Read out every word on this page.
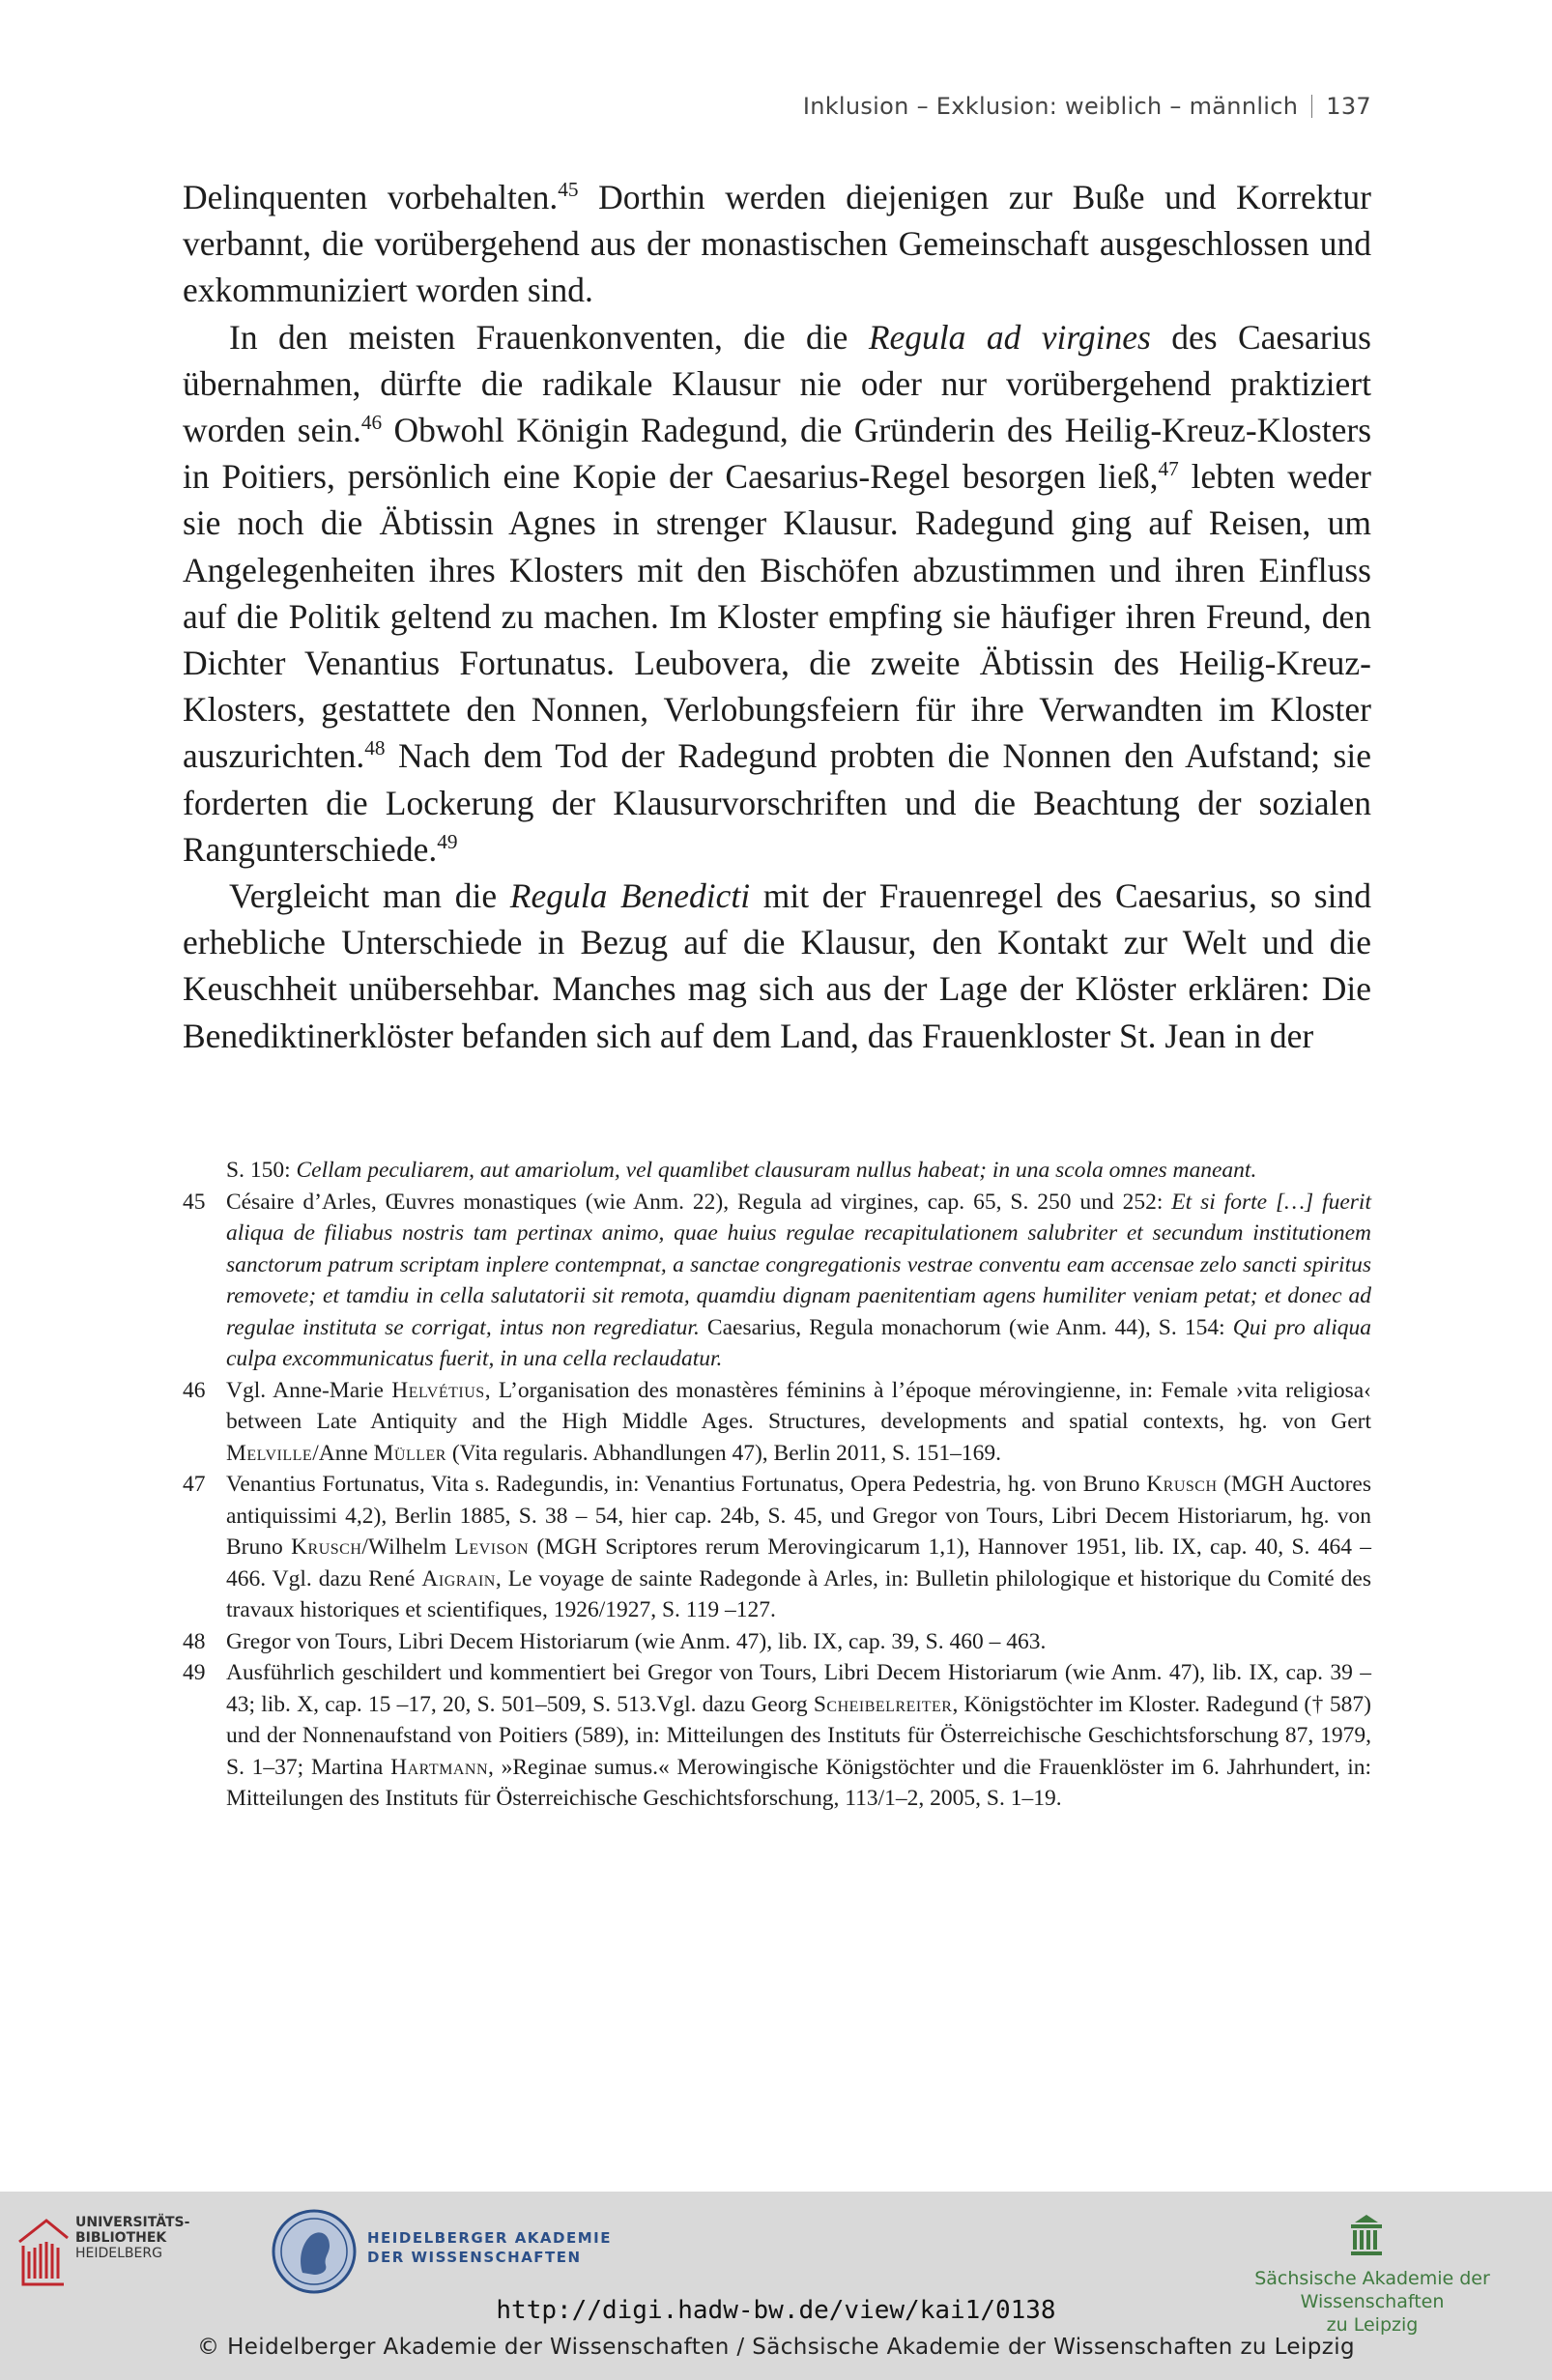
Inklusion – Exklusion: weiblich – männlich 137

Delinquenten vorbehalten.$^{45}$ Dorthin werden diejenigen zur Buße und Korrektur verbannt, die vorübergehend aus der monastischen Gemeinschaft ausgeschlossen und exkommuniziert worden sind.

In den meisten Frauenkonventen, die die Regula ad virgines des Caesarius übernahmen, dürfte die radikale Klausur nie oder nur vorübergehend praktiziert worden sein.$^{46}$ Obwohl Königin Radegund, die Gründerin des Heilig-Kreuz-Klosters in Poitiers, persönlich eine Kopie der Caesarius-Regel besorgen ließ,$^{47}$ lebten weder sie noch die Äbtissin Agnes in strenger Klausur. Radegund ging auf Reisen, um Angelegenheiten ihres Klosters mit den Bischöfen abzustimmen und ihren Einfluss auf die Politik geltend zu machen. Im Kloster empfing sie häufiger ihren Freund, den Dichter Venantius Fortunatus. Leubovera, die zweite Äbtissin des Heilig-Kreuz-Klosters, gestattete den Nonnen, Verlobungsfeiern für ihre Verwandten im Kloster auszurichten.$^{48}$ Nach dem Tod der Radegund probten die Nonnen den Aufstand; sie forderten die Lockerung der Klausurvorschriften und die Beachtung der sozialen Rangunterschiede.$^{49}$

Vergleicht man die Regula Benedicti mit der Frauenregel des Caesarius, so sind erhebliche Unterschiede in Bezug auf die Klausur, den Kontakt zur Welt und die Keuschheit unübersehbar. Manches mag sich aus der Lage der Klöster erklären: Die Benediktinerklöster befanden sich auf dem Land, das Frauenkloster St. Jean in der

S. 150: Cellam peculiarem, aut amariolum, vel quamlibet clausuram nullus habeat; in una scola omnes maneant.
45 Césaire d’Arles, Œuvres monastiques (wie Anm. 22), Regula ad virgines, cap. 65, S. 250 und 252: Et si forte […] fuerit aliqua de filiabus nostris tam pertinax animo, quae huius regulae recapitulationem salubriter et secundum institutionem sanctorum patrum scriptam inplere contempnat, a sanctae congregationis vestrae conventu eam accensae zelo sancti spiritus removete; et tamdiu in cella salutatorii sit remota, quamdiu dignam paenitentiam agens humiliter veniam petat; et donec ad regulae instituta se corrigat, intus non regrediatur. Caesarius, Regula monachorum (wie Anm. 44), S. 154: Qui pro aliqua culpa excommunicatus fuerit, in una cella reclaudatur.
46 Vgl. Anne-Marie Helvétius, L’organisation des monastères féminins à l’époque mérovingienne, in: Female ›vita religiosa‹ between Late Antiquity and the High Middle Ages. Structures, developments and spatial contexts, hg. von Gert Melville/Anne Müller (Vita regularis. Abhandlungen 47), Berlin 2011, S. 151–169.
47 Venantius Fortunatus, Vita s. Radegundis, in: Venantius Fortunatus, Opera Pedestria, hg. von Bruno Krusch (MGH Auctores antiquissimi 4,2), Berlin 1885, S. 38 – 54, hier cap. 24b, S. 45, und Gregor von Tours, Libri Decem Historiarum, hg. von Bruno Krusch/Wilhelm Levison (MGH Scriptores rerum Merovingicarum 1,1), Hannover 1951, lib. IX, cap. 40, S. 464 – 466. Vgl. dazu René Aigrain, Le voyage de sainte Radegonde à Arles, in: Bulletin philologique et historique du Comité des travaux historiques et scientifiques, 1926/1927, S. 119 –127.
48 Gregor von Tours, Libri Decem Historiarum (wie Anm. 47), lib. IX, cap. 39, S. 460 – 463.
49 Ausführlich geschildert und kommentiert bei Gregor von Tours, Libri Decem Historiarum (wie Anm. 47), lib. IX, cap. 39 – 43; lib. X, cap. 15 –17, 20, S. 501–509, S. 513.Vgl. dazu Georg Scheibelreiter, Königstöchter im Kloster. Radegund († 587) und der Nonnenaufstand von Poitiers (589), in: Mitteilungen des Instituts für Österreichische Geschichtsforschung 87, 1979, S. 1–37; Martina Hartmann, »Reginae sumus.« Merowingische Königstöchter und die Frauenklöster im 6. Jahrhundert, in: Mitteilungen des Instituts für Österreichische Geschichtsforschung, 113/1–2, 2005, S. 1–19.
UNIVERSITÄTS-
BIBLIOTHEK
HEIDELBERG
HEIDELBERGER AKADEMIE
DER WISSENSCHAFTEN
Sächsische Akademie der Wissenschaften
zu Leipzig
http://digi.hadw-bw.de/view/kai1/0138
© Heidelberger Akademie der Wissenschaften / Sächsische Akademie der Wissenschaften zu Leipzig
